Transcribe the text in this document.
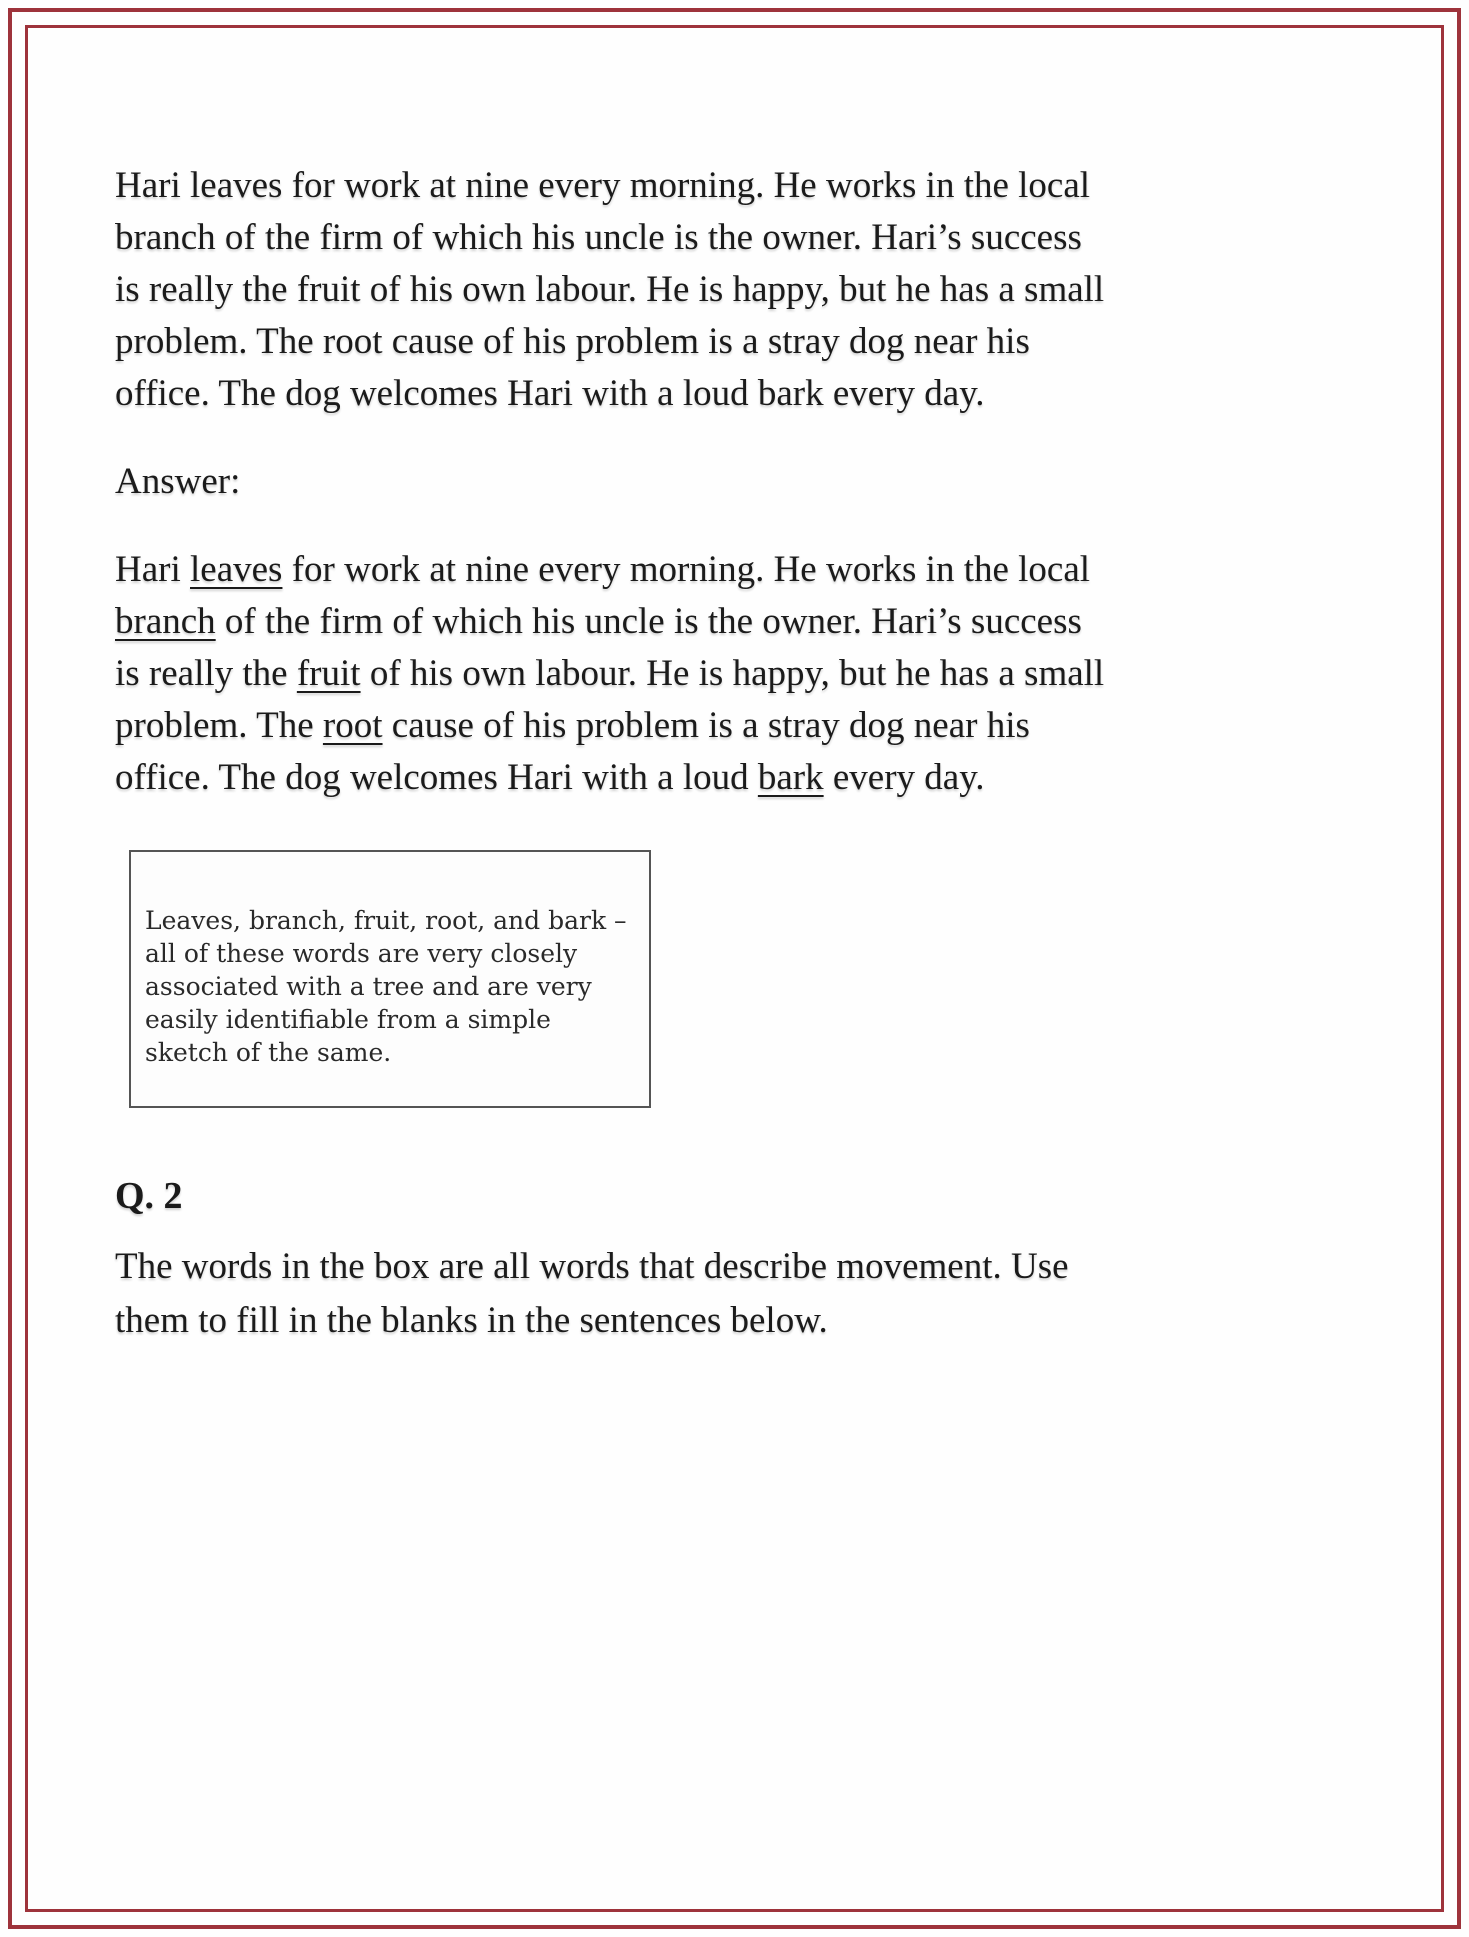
Hari leaves for work at nine every morning. He works in the local branch of the firm of which his uncle is the owner. Hari’s success is really the fruit of his own labour. He is happy, but he has a small problem. The root cause of his problem is a stray dog near his office. The dog welcomes Hari with a loud bark every day.

Answer:

Hari leaves for work at nine every morning. He works in the local branch of the firm of which his uncle is the owner. Hari’s success is really the fruit of his own labour. He is happy, but he has a small problem. The root cause of his problem is a stray dog near his office. The dog welcomes Hari with a loud bark every day.

Leaves, branch, fruit, root, and bark – all of these words are very closely associated with a tree and are very easily identifiable from a simple sketch of the same.

Q. 2

The words in the box are all words that describe movement. Use them to fill in the blanks in the sentences below.
